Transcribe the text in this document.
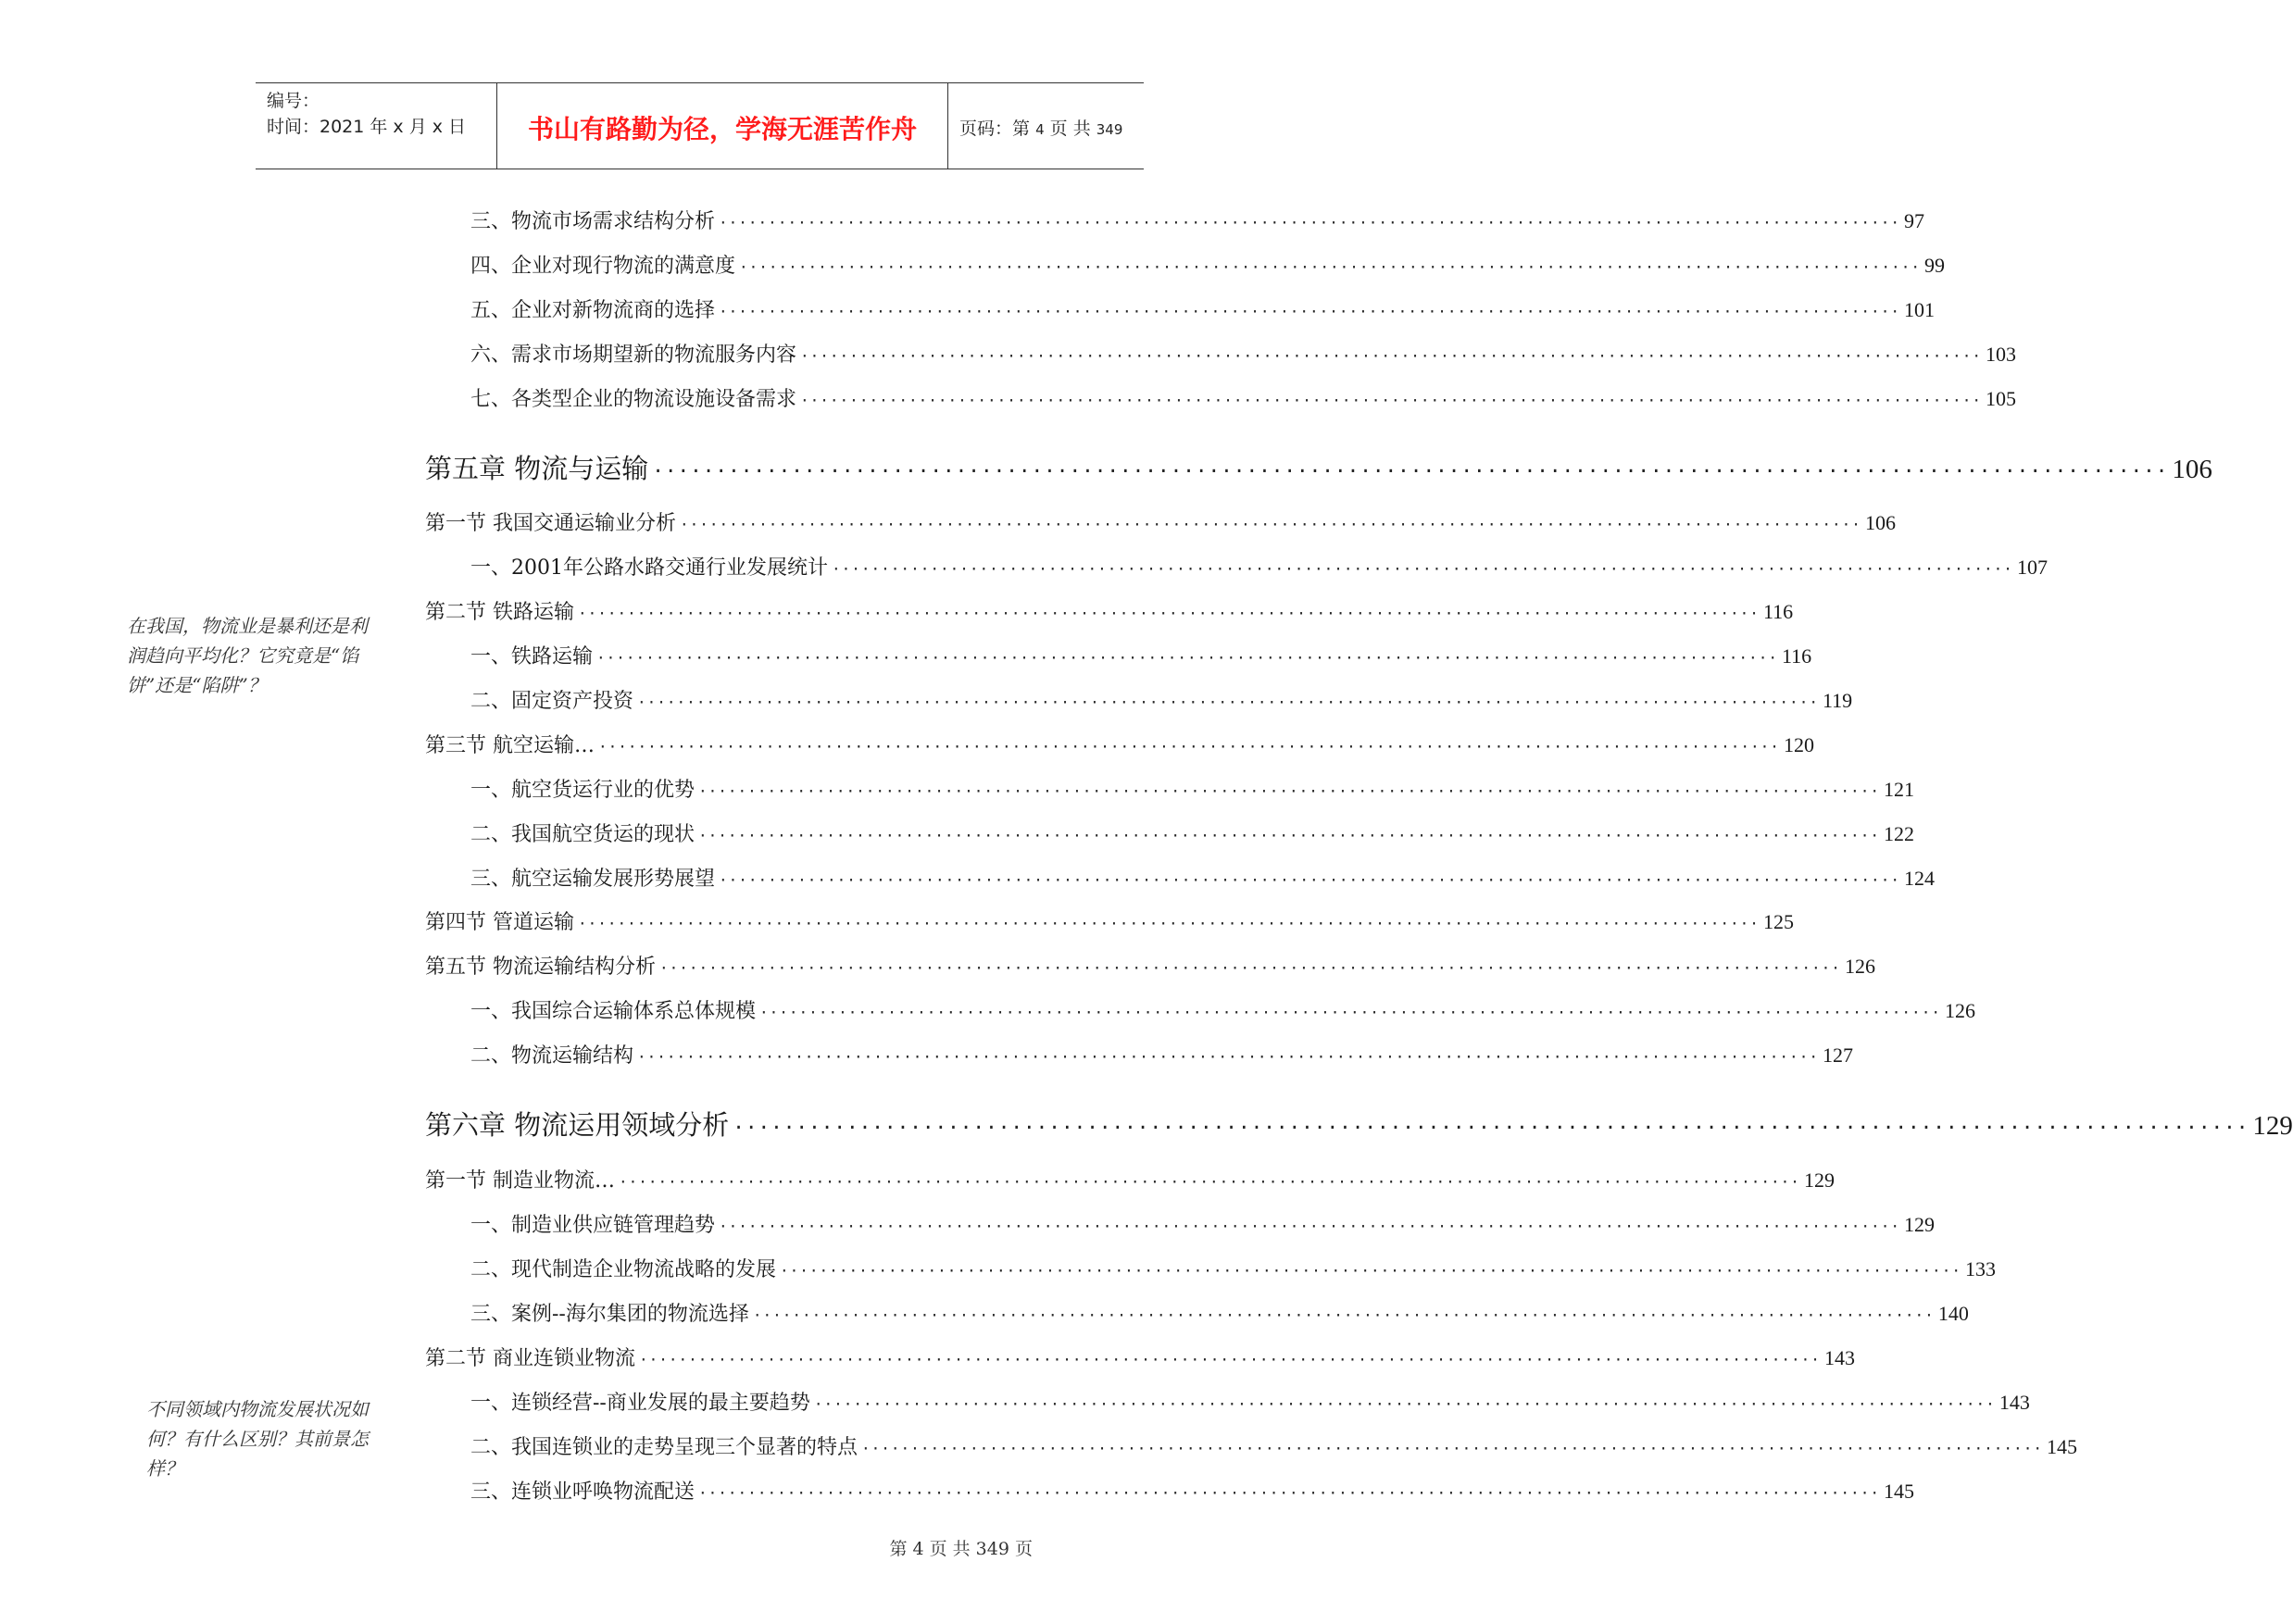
编号：
时间：2021 年 x 月 x 日	书山有路勤为径，学海无涯苦作舟	页码：第 4 页 共 349
在我国，物流业是暴利还是利润趋向平均化？它究竟是“馅饼”还是“陷阱”？
不同领域内物流发展状况如何？有什么区别？其前景怎样？
三、物流市场需求结构分析 ························································································································ 97
四、企业对现行物流的满意度 ························································································································ 99
五、企业对新物流商的选择 ························································································································ 101
六、需求市场期望新的物流服务内容 ························································································································ 103
七、各类型企业的物流设施设备需求 ························································································································ 105
第五章 物流与运输 ························································································································ 106
第一节 我国交通运输业分析 ························································································································ 106
一、2001年公路水路交通行业发展统计 ························································································································ 107
第二节 铁路运输 ························································································································ 116
一、铁路运输 ························································································································ 116
二、固定资产投资 ························································································································ 119
第三节 航空运输… ························································································································ 120
一、航空货运行业的优势 ························································································································ 121
二、我国航空货运的现状 ························································································································ 122
三、航空运输发展形势展望 ························································································································ 124
第四节 管道运输 ························································································································ 125
第五节 物流运输结构分析 ························································································································ 126
一、我国综合运输体系总体规模 ························································································································ 126
二、物流运输结构 ························································································································ 127
第六章 物流运用领域分析 ························································································································ 129
第一节 制造业物流… ························································································································ 129
一、制造业供应链管理趋势 ························································································································ 129
二、现代制造企业物流战略的发展 ························································································································ 133
三、案例--海尔集团的物流选择 ························································································································ 140
第二节 商业连锁业物流 ························································································································ 143
一、连锁经营--商业发展的最主要趋势 ························································································································ 143
二、我国连锁业的走势呈现三个显著的特点 ························································································································ 145
三、连锁业呼唤物流配送 ························································································································ 145
第 4 页 共 349 页
